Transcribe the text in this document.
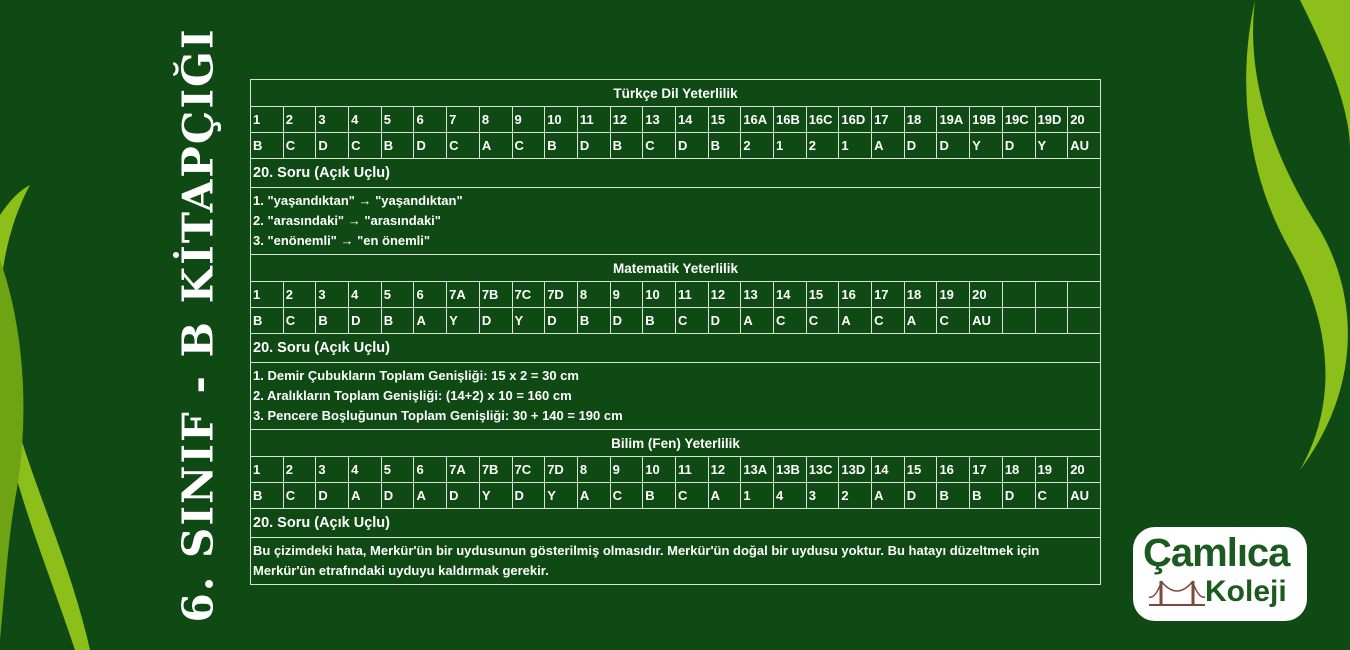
6. SINIF - B KİTAPÇIĞI	Türkçe Dil Yeterlilik																									
1	2	3	4	5	6	7	8	9	10	11	12	13	14	15	16A	16B	16C	16D	17	18	19A	19B	19C	19D	20
B	C	D	C	B	D	C	A	C	B	D	B	C	D	B	2	1	2	1	A	D	D	Y	D	Y	AU
20. Soru (Açık Uçlu)																									

1. "yaşandıktan" → "yaşandıktan"
2. "arasındaki" → "arasındaki"
3. "enönemli" → "en önemli"																									

Matematik Yeterlilik																									
1	2	3	4	5	6	7A	7B	7C	7D	8	9	10	11	12	13	14	15	16	17	18	19	20			
B	C	B	D	B	A	Y	D	Y	D	B	D	B	C	D	A	C	C	A	C	A	C	AU			
20. Soru (Açık Uçlu)																									

1. Demir Çubukların Toplam Genişliği: 15 x 2 = 30 cm
2. Aralıkların Toplam Genişliği: (14+2) x 10 = 160 cm
3. Pencere Boşluğunun Toplam Genişliği: 30 + 140 = 190 cm																									

Bilim (Fen) Yeterlilik																									
1	2	3	4	5	6	7A	7B	7C	7D	8	9	10	11	12	13A	13B	13C	13D	14	15	16	17	18	19	20
B	C	D	A	D	A	D	Y	D	Y	A	C	B	C	A	1	4	3	2	A	D	B	B	D	C	AU
20. Soru (Açık Uçlu)																									

Bu çizimdeki hata, Merkür'ün bir uydusunun gösterilmiş olmasıdır. Merkür'ün doğal bir uydusu yoktur. Bu hatayı düzeltmek için Merkür'ün etrafındaki uyduyu kaldırmak gerekir.																										Çamlıca
Koleji
